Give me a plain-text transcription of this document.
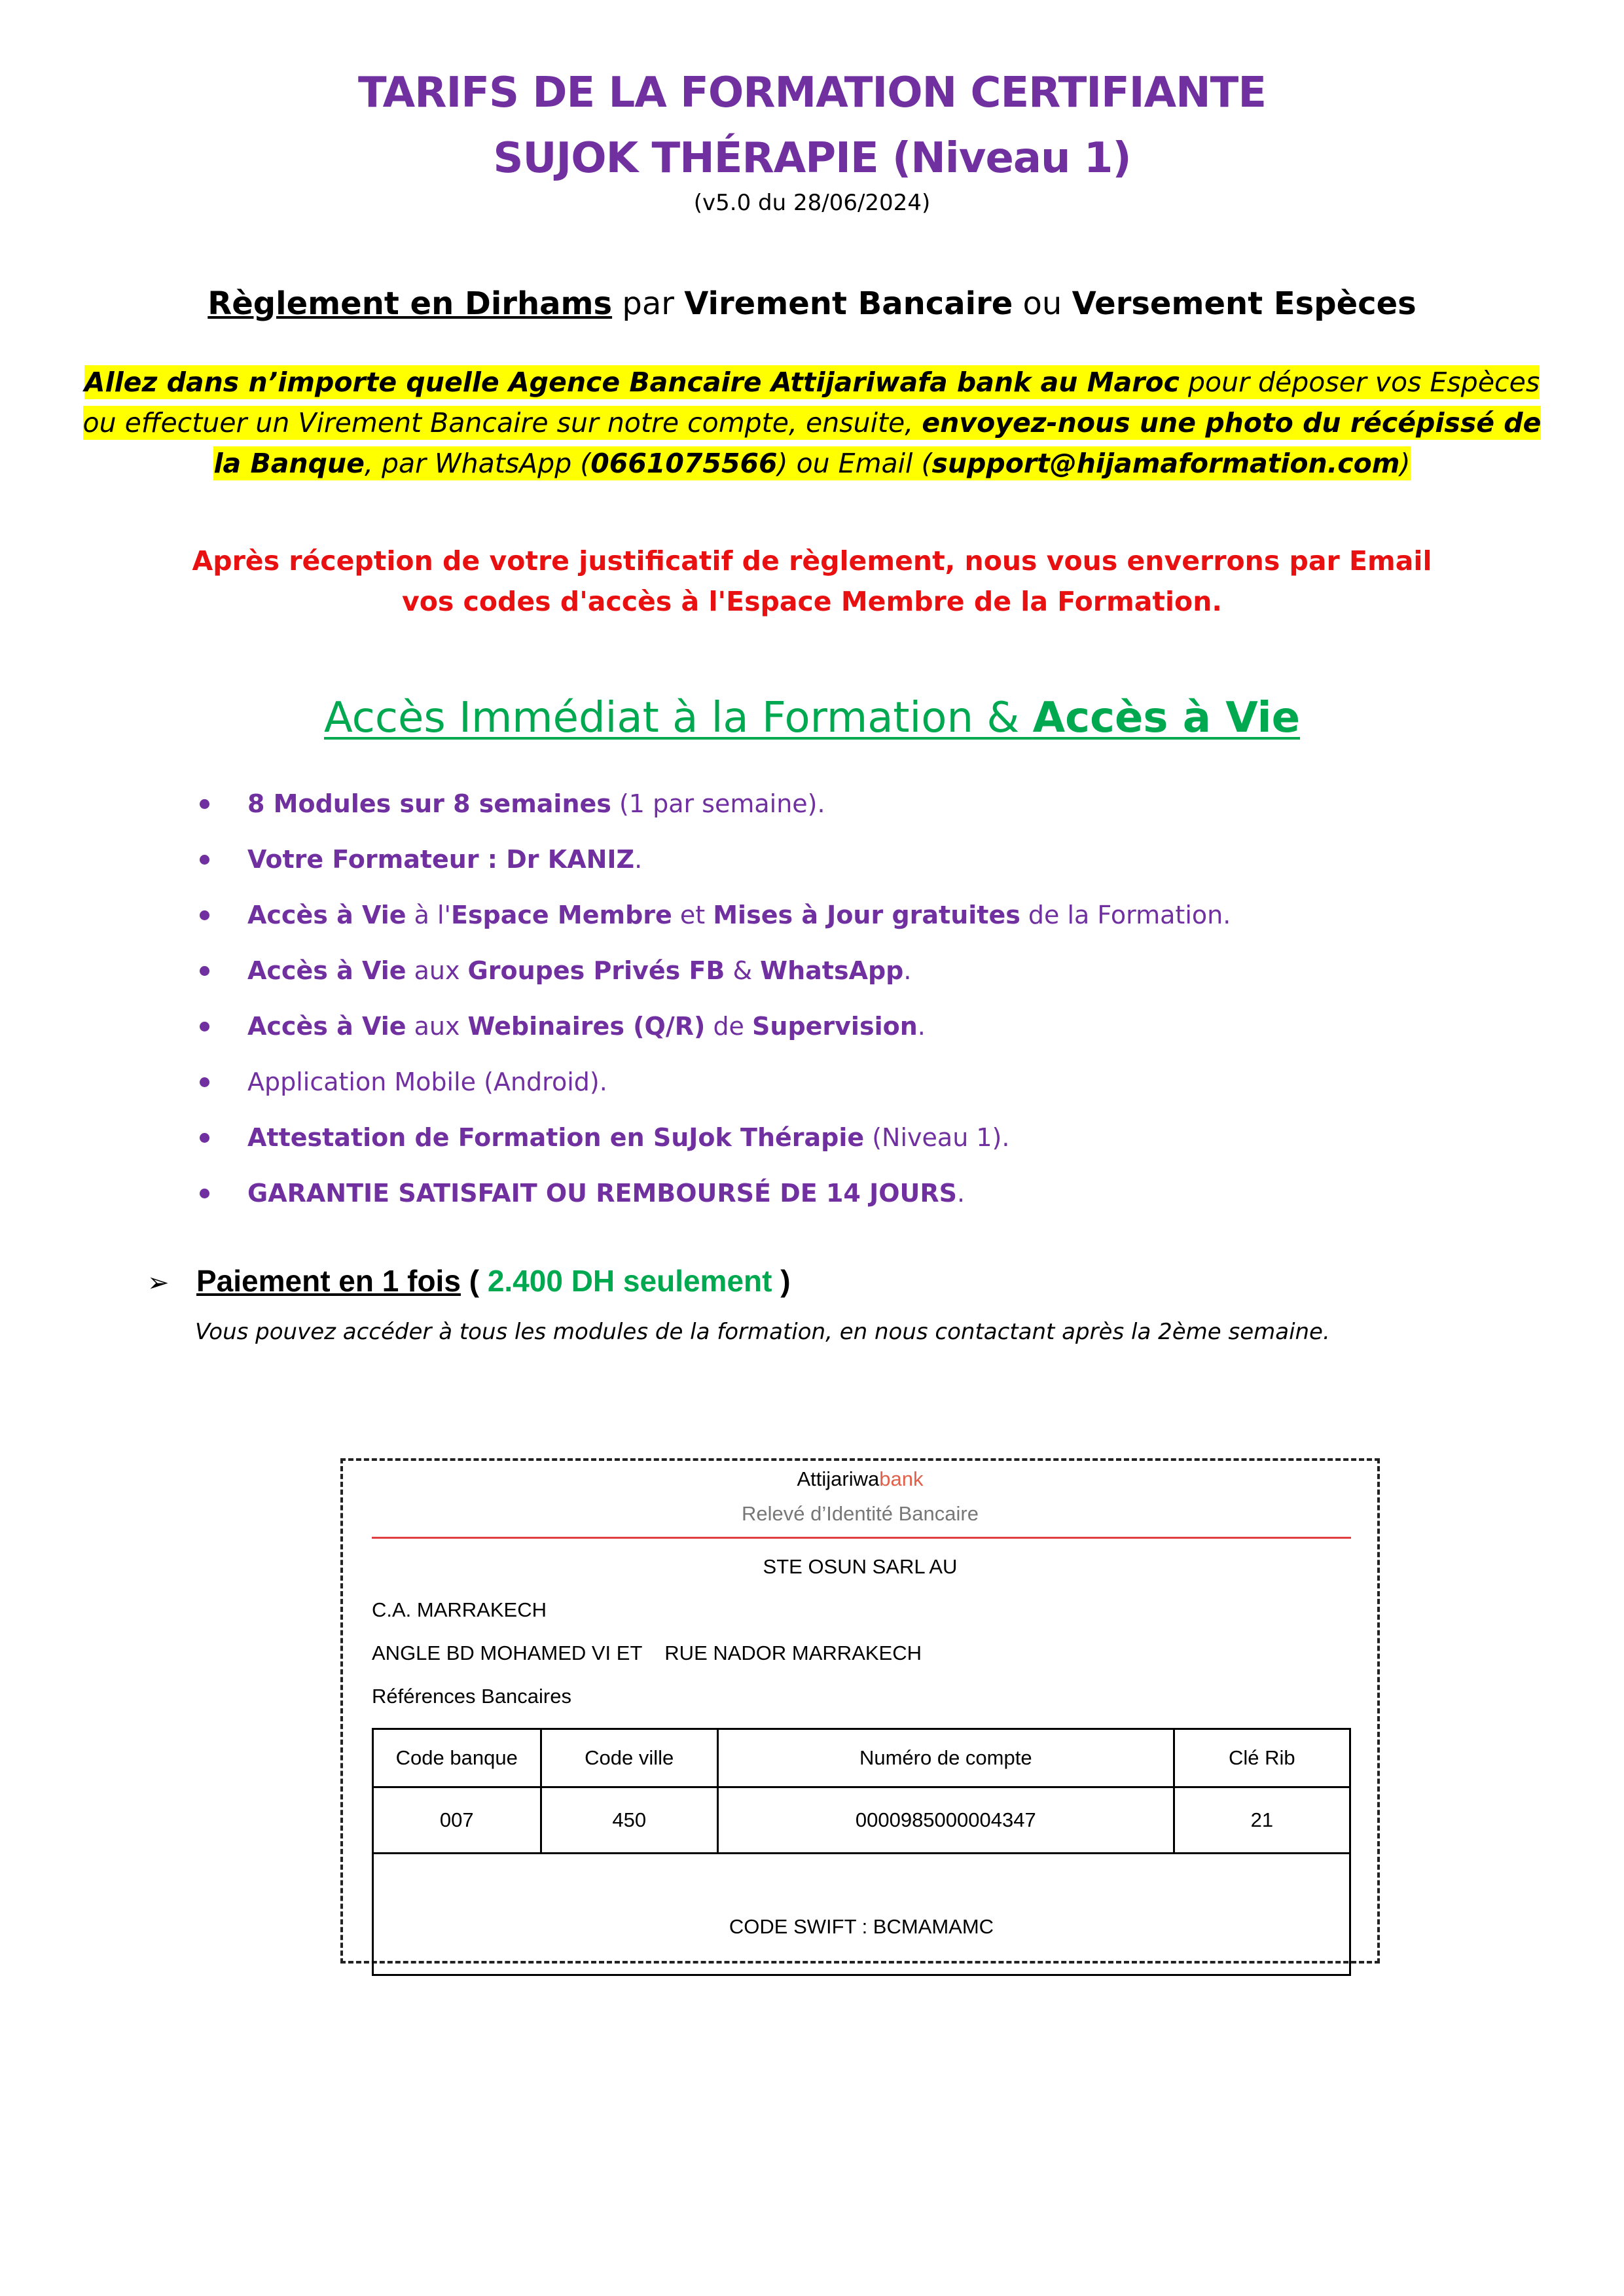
TARIFS DE LA FORMATION CERTIFIANTE
SUJOK THÉRAPIE (Niveau 1)
(v5.0 du 28/06/2024)
Règlement en Dirhams par Virement Bancaire ou Versement Espèces
Allez dans n’importe quelle Agence Bancaire Attijariwafa bank au Maroc pour déposer vos Espèces
ou effectuer un Virement Bancaire sur notre compte, ensuite, envoyez-nous une photo du récépissé de
la Banque, par WhatsApp (0661075566) ou Email (support@hijamaformation.com)
Après réception de votre justificatif de règlement, nous vous enverrons par Email
vos codes d'accès à l'Espace Membre de la Formation.
Accès Immédiat à la Formation & Accès à Vie
8 Modules sur 8 semaines (1 par semaine).
Votre Formateur : Dr KANIZ.
Accès à Vie à l'Espace Membre et Mises à Jour gratuites de la Formation.
Accès à Vie aux Groupes Privés FB & WhatsApp.
Accès à Vie aux Webinaires (Q/R) de Supervision.
Application Mobile (Android).
Attestation de Formation en SuJok Thérapie (Niveau 1).
GARANTIE SATISFAIT OU REMBOURSÉ DE 14 JOURS.
➢ Paiement en 1 fois ( 2.400 DH seulement )
Vous pouvez accéder à tous les modules de la formation, en nous contactant après la 2ème semaine.
Attijariwabank
Relevé d’Identité Bancaire
STE OSUN SARL AU
C.A. MARRAKECH
ANGLE BD MOHAMED VI ET    RUE NADOR MARRAKECH
Références Bancaires
Code banque	Code ville	Numéro de compte	Clé Rib
007	450	0000985000004347	21
CODE SWIFT : BCMAMAMC			
